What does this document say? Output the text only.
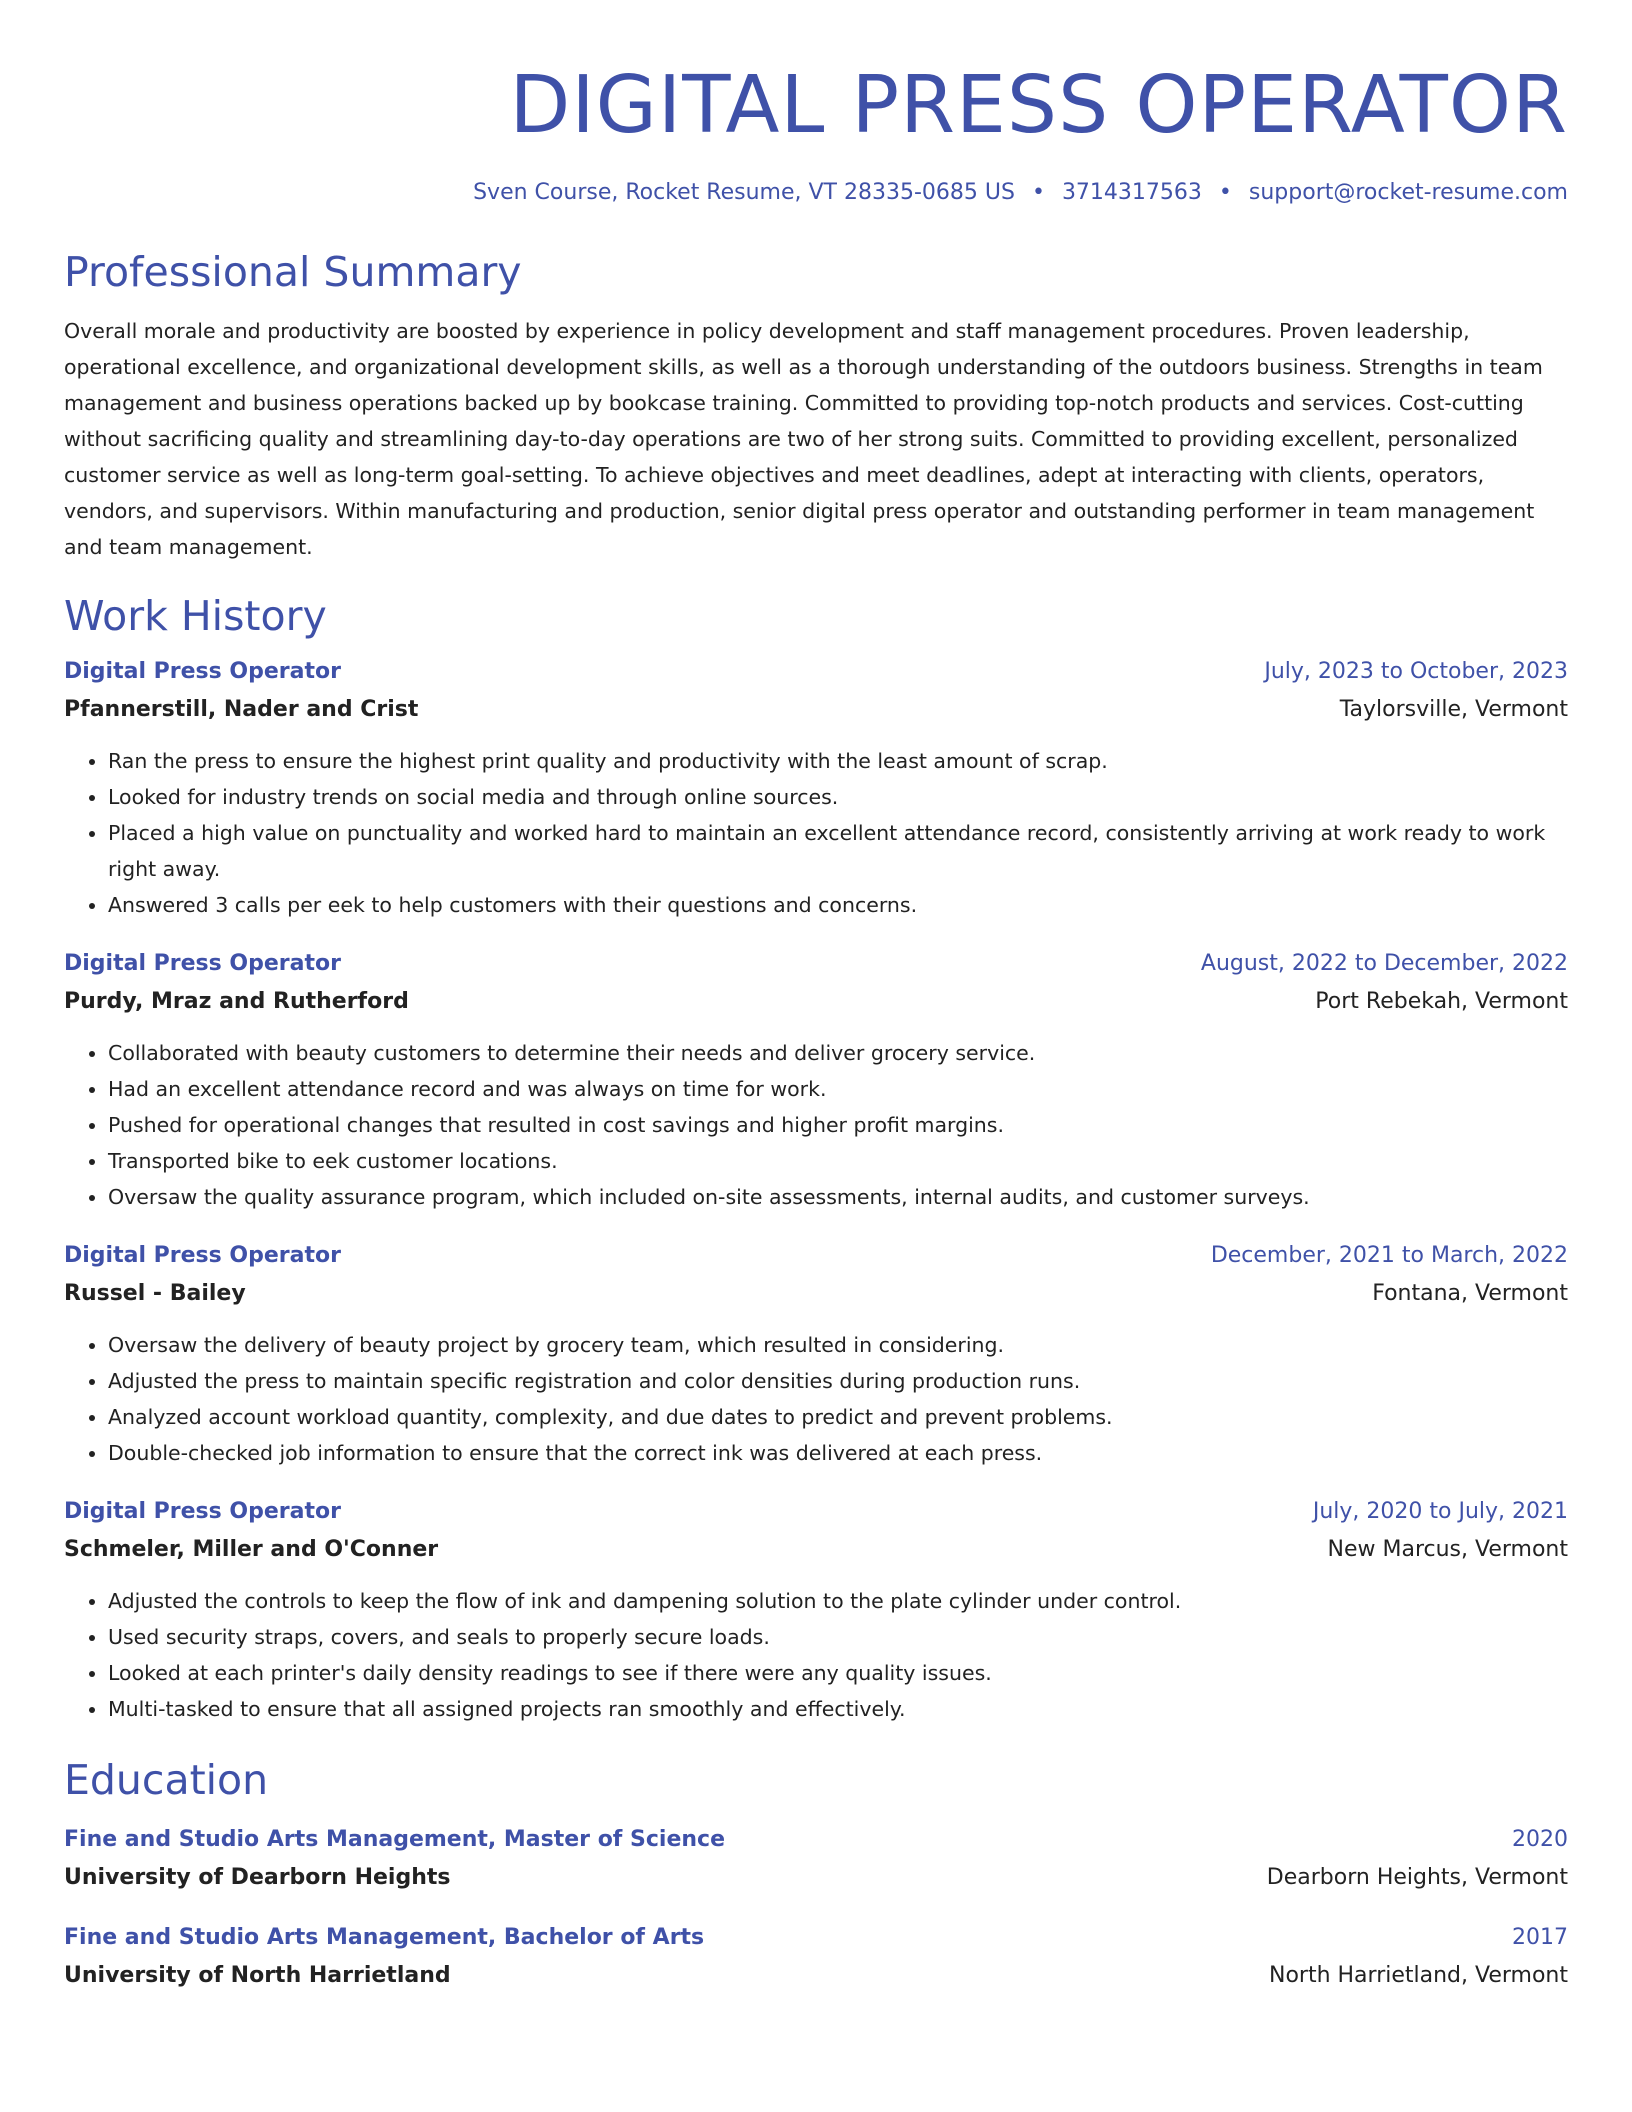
DIGITAL PRESS OPERATOR
Sven Course, Rocket Resume, VT 28335-0685 US • 3714317563 • support@rocket-resume.com
Professional Summary
Overall morale and productivity are boosted by experience in policy development and staff management procedures. Proven leadership, operational excellence, and organizational development skills, as well as a thorough understanding of the outdoors business. Strengths in team management and business operations backed up by bookcase training. Committed to providing top-notch products and services. Cost-cutting without sacrificing quality and streamlining day-to-day operations are two of her strong suits. Committed to providing excellent, personalized customer service as well as long-term goal-setting. To achieve objectives and meet deadlines, adept at interacting with clients, operators, vendors, and supervisors. Within manufacturing and production, senior digital press operator and outstanding performer in team management and team management.
Work History
Digital Press Operator	July, 2023 to October, 2023
Pfannerstill, Nader and Crist	Taylorsville, Vermont
• Ran the press to ensure the highest print quality and productivity with the least amount of scrap.
• Looked for industry trends on social media and through online sources.
• Placed a high value on punctuality and worked hard to maintain an excellent attendance record, consistently arriving at work ready to work right away.
• Answered 3 calls per eek to help customers with their questions and concerns.
Digital Press Operator	August, 2022 to December, 2022
Purdy, Mraz and Rutherford	Port Rebekah, Vermont
• Collaborated with beauty customers to determine their needs and deliver grocery service.
• Had an excellent attendance record and was always on time for work.
• Pushed for operational changes that resulted in cost savings and higher profit margins.
• Transported bike to eek customer locations.
• Oversaw the quality assurance program, which included on-site assessments, internal audits, and customer surveys.
Digital Press Operator	December, 2021 to March, 2022
Russel - Bailey	Fontana, Vermont
• Oversaw the delivery of beauty project by grocery team, which resulted in considering.
• Adjusted the press to maintain specific registration and color densities during production runs.
• Analyzed account workload quantity, complexity, and due dates to predict and prevent problems.
• Double-checked job information to ensure that the correct ink was delivered at each press.
Digital Press Operator	July, 2020 to July, 2021
Schmeler, Miller and O'Conner	New Marcus, Vermont
• Adjusted the controls to keep the flow of ink and dampening solution to the plate cylinder under control.
• Used security straps, covers, and seals to properly secure loads.
• Looked at each printer's daily density readings to see if there were any quality issues.
• Multi-tasked to ensure that all assigned projects ran smoothly and effectively.
Education
Fine and Studio Arts Management, Master of Science	2020
University of Dearborn Heights	Dearborn Heights, Vermont
Fine and Studio Arts Management, Bachelor of Arts	2017
University of North Harrietland	North Harrietland, Vermont
